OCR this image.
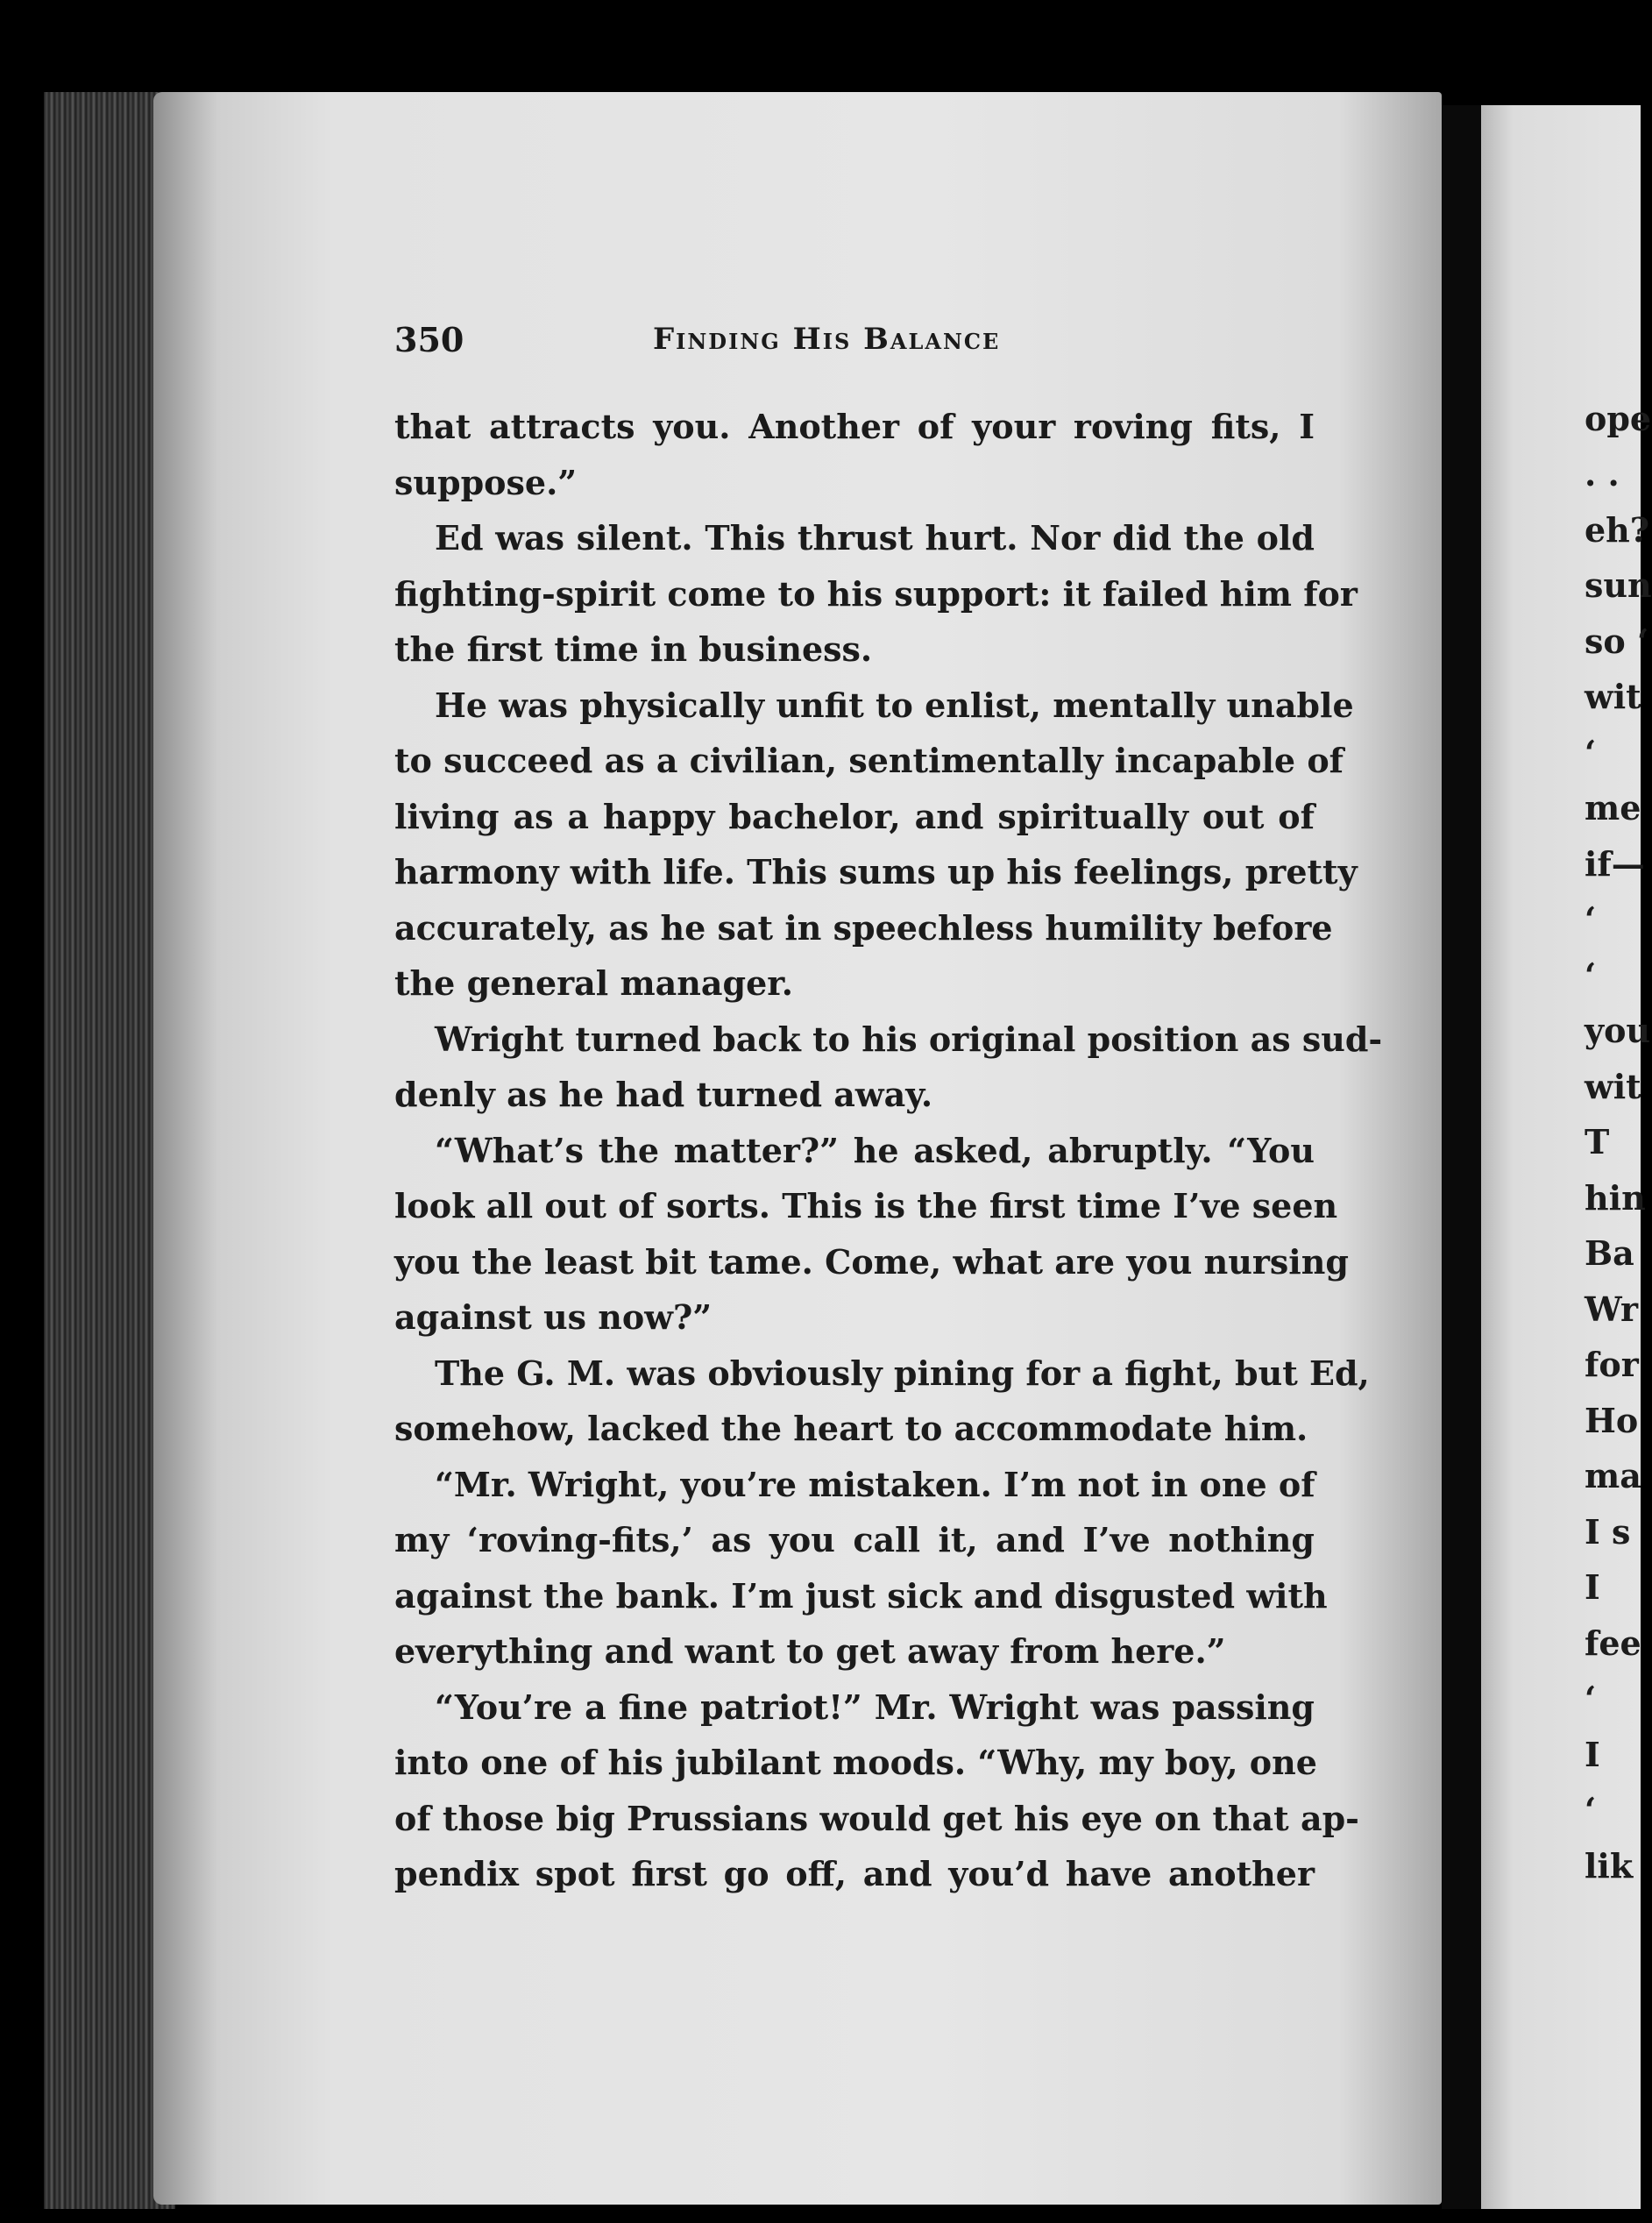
350	Finding His Balance
that attracts you. Another of your roving fits, I
suppose.”
Ed was silent. This thrust hurt. Nor did the old
fighting-spirit come to his support: it failed him for
the first time in business.
He was physically unfit to enlist, mentally unable
to succeed as a civilian, sentimentally incapable of
living as a happy bachelor, and spiritually out of
harmony with life. This sums up his feelings, pretty
accurately, as he sat in speechless humility before
the general manager.
Wright turned back to his original position as sud-
denly as he had turned away.
“What’s the matter?” he asked, abruptly. “You
look all out of sorts. This is the first time I’ve seen
you the least bit tame. Come, what are you nursing
against us now?”
The G. M. was obviously pining for a fight, but Ed,
somehow, lacked the heart to accommodate him.
“Mr. Wright, you’re mistaken. I’m not in one of
my ‘roving-fits,’ as you call it, and I’ve nothing
against the bank. I’m just sick and disgusted with
everything and want to get away from here.”
“You’re a fine patriot!” Mr. Wright was passing
into one of his jubilant moods. “Why, my boy, one
of those big Prussians would get his eye on that ap-
pendix spot first go off, and you’d have another
opе
. .
eh?
sun
so ‘
wit
‘
me
if—
‘
‘
you
wit
T
hin
Ba
Wr
for
Ho
ma
I s
I
fee
‘
I
‘
lik
